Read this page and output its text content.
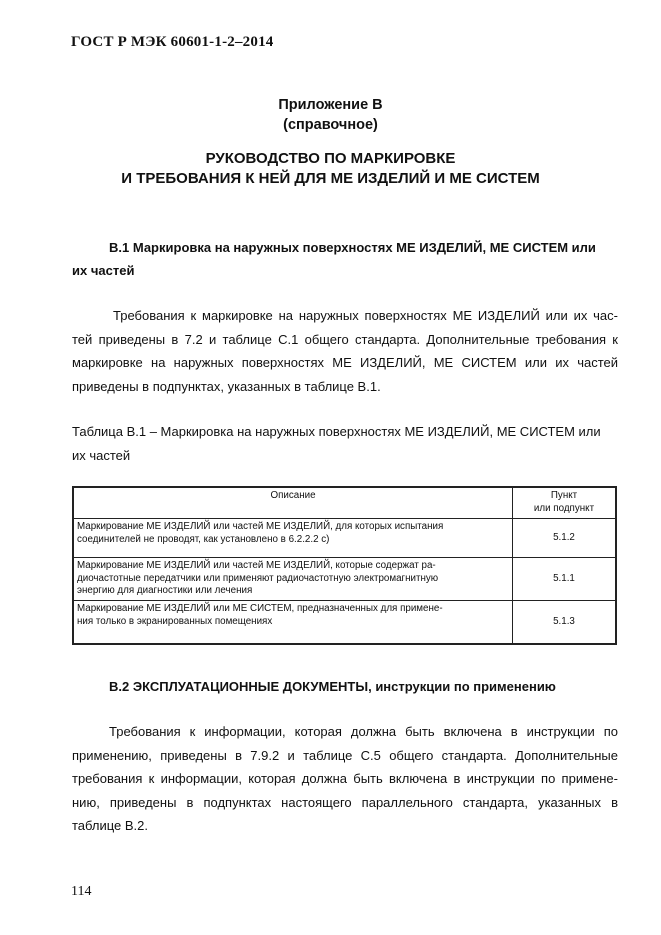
ГОСТ Р МЭК 60601-1-2–2014
Приложение В
(справочное)
РУКОВОДСТВО ПО МАРКИРОВКЕ
И ТРЕБОВАНИЯ К НЕЙ ДЛЯ МЕ ИЗДЕЛИЙ И МЕ СИСТЕМ
В.1 Маркировка на наружных поверхностях МЕ ИЗДЕЛИЙ, МЕ СИСТЕМ или
их частей
Требования к маркировке на наружных поверхностях МЕ ИЗДЕЛИЙ или их час-
тей приведены в 7.2 и таблице С.1 общего стандарта. Дополнительные требования к
маркировке на наружных поверхностях МЕ ИЗДЕЛИЙ, МЕ СИСТЕМ или их частей
приведены в подпунктах, указанных в таблице В.1.
Таблица В.1 – Маркировка на наружных поверхностях МЕ ИЗДЕЛИЙ, МЕ СИСТЕМ или
их частей
Описание	Пункт
или подпункт

Маркирование МЕ ИЗДЕЛИЙ или частей МЕ ИЗДЕЛИЙ, для которых испытания
соединителей не проводят, как установлено в 6.2.2.2 с)	5.1.2

Маркирование МЕ ИЗДЕЛИЙ или частей МЕ ИЗДЕЛИЙ, которые содержат ра-
диочастотные передатчики или применяют радиочастотную электромагнитную
энергию для диагностики или лечения	5.1.1

Маркирование МЕ ИЗДЕЛИЙ или МЕ СИСТЕМ, предназначенных для примене-
ния только в экранированных помещениях	5.1.3
В.2 ЭКСПЛУАТАЦИОННЫЕ ДОКУМЕНТЫ, инструкции по применению
Требования к информации, которая должна быть включена в инструкции по
применению, приведены в 7.9.2 и таблице С.5 общего стандарта. Дополнительные
требования к информации, которая должна быть включена в инструкции по примене-
нию, приведены в подпунктах настоящего параллельного стандарта, указанных в
таблице В.2.
114
